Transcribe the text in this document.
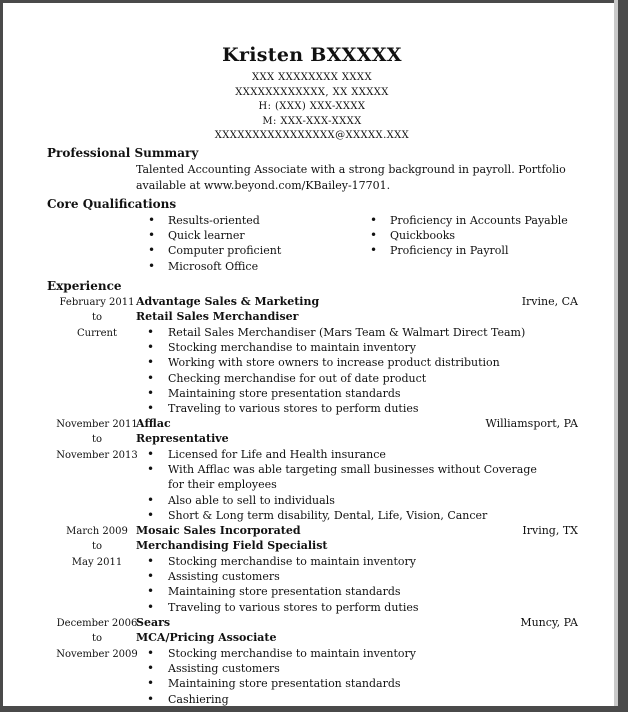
Kristen BXXXXX
XXX XXXXXXXX XXXX
XXXXXXXXXXXX, XX XXXXX
H: (XXX) XXX-XXXX
M: XXX-XXX-XXXX
XXXXXXXXXXXXXXXX@XXXXX.XXX
Professional Summary
Talented Accounting Associate with a strong background in payroll. Portfolio available at www.beyond.com/KBailey-17701.
Core Qualifications
• Results-oriented
• Quick learner
• Computer proficient
• Microsoft Office
• Proficiency in Accounts Payable
• Quickbooks
• Proficiency in Payroll
Experience
February 2011
to
Current
Advantage Sales & Marketing	Irvine, CA
Retail Sales Merchandiser
• Retail Sales Merchandiser (Mars Team & Walmart Direct Team)
• Stocking merchandise to maintain inventory
• Working with store owners to increase product distribution
• Checking merchandise for out of date product
• Maintaining store presentation standards
• Traveling to various stores to perform duties
November 2011
to
November 2013
Afflac	Williamsport, PA
Representative
• Licensed for Life and Health insurance
• With Afflac was able targeting small businesses without Coverage for their employees
• Also able to sell to individuals
• Short & Long term disability, Dental, Life, Vision, Cancer
March 2009
to
May 2011
Mosaic Sales Incorporated	Irving, TX
Merchandising Field Specialist
• Stocking merchandise to maintain inventory
• Assisting customers
• Maintaining store presentation standards
• Traveling to various stores to perform duties
December 2006
to
November 2009
Sears	Muncy, PA
MCA/Pricing Associate
• Stocking merchandise to maintain inventory
• Assisting customers
• Maintaining store presentation standards
• Cashiering
